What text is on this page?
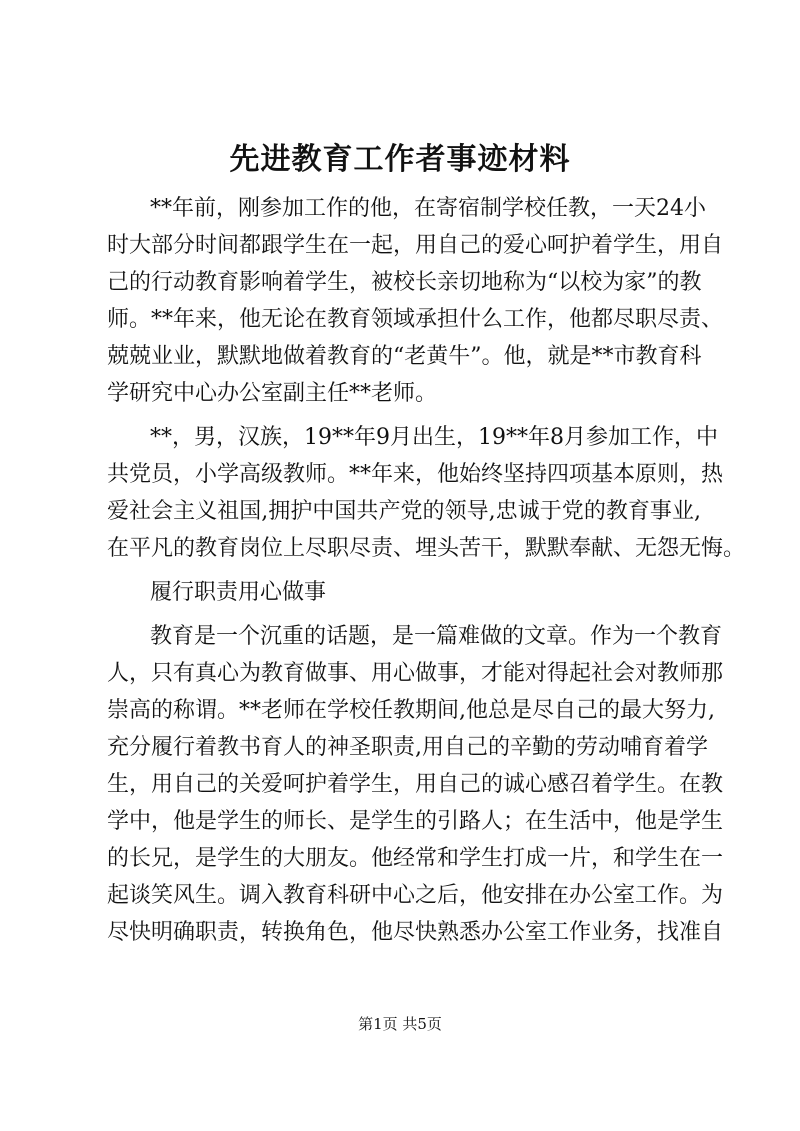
先进教育工作者事迹材料

**年前，刚参加工作的他，在寄宿制学校任教，一天24小

时大部分时间都跟学生在一起，用自己的爱心呵护着学生，用自

己的行动教育影响着学生，被校长亲切地称为“以校为家”的教

师。**年来，他无论在教育领域承担什么工作，他都尽职尽责、

兢兢业业，默默地做着教育的“老黄牛”。他，就是**市教育科

学研究中心办公室副主任**老师。

**，男，汉族，19**年9月出生，19**年8月参加工作，中

共党员，小学高级教师。**年来，他始终坚持四项基本原则，热

爱社会主义祖国,拥护中国共产党的领导,忠诚于党的教育事业,

在平凡的教育岗位上尽职尽责、埋头苦干，默默奉献、无怨无悔。

履行职责用心做事

教育是一个沉重的话题，是一篇难做的文章。作为一个教育

人，只有真心为教育做事、用心做事，才能对得起社会对教师那

崇高的称谓。**老师在学校任教期间,他总是尽自己的最大努力,

充分履行着教书育人的神圣职责,用自己的辛勤的劳动哺育着学

生，用自己的关爱呵护着学生，用自己的诚心感召着学生。在教

学中，他是学生的师长、是学生的引路人；在生活中，他是学生

的长兄，是学生的大朋友。他经常和学生打成一片，和学生在一

起谈笑风生。调入教育科研中心之后，他安排在办公室工作。为

尽快明确职责，转换角色，他尽快熟悉办公室工作业务，找准自

第1页 共5页
